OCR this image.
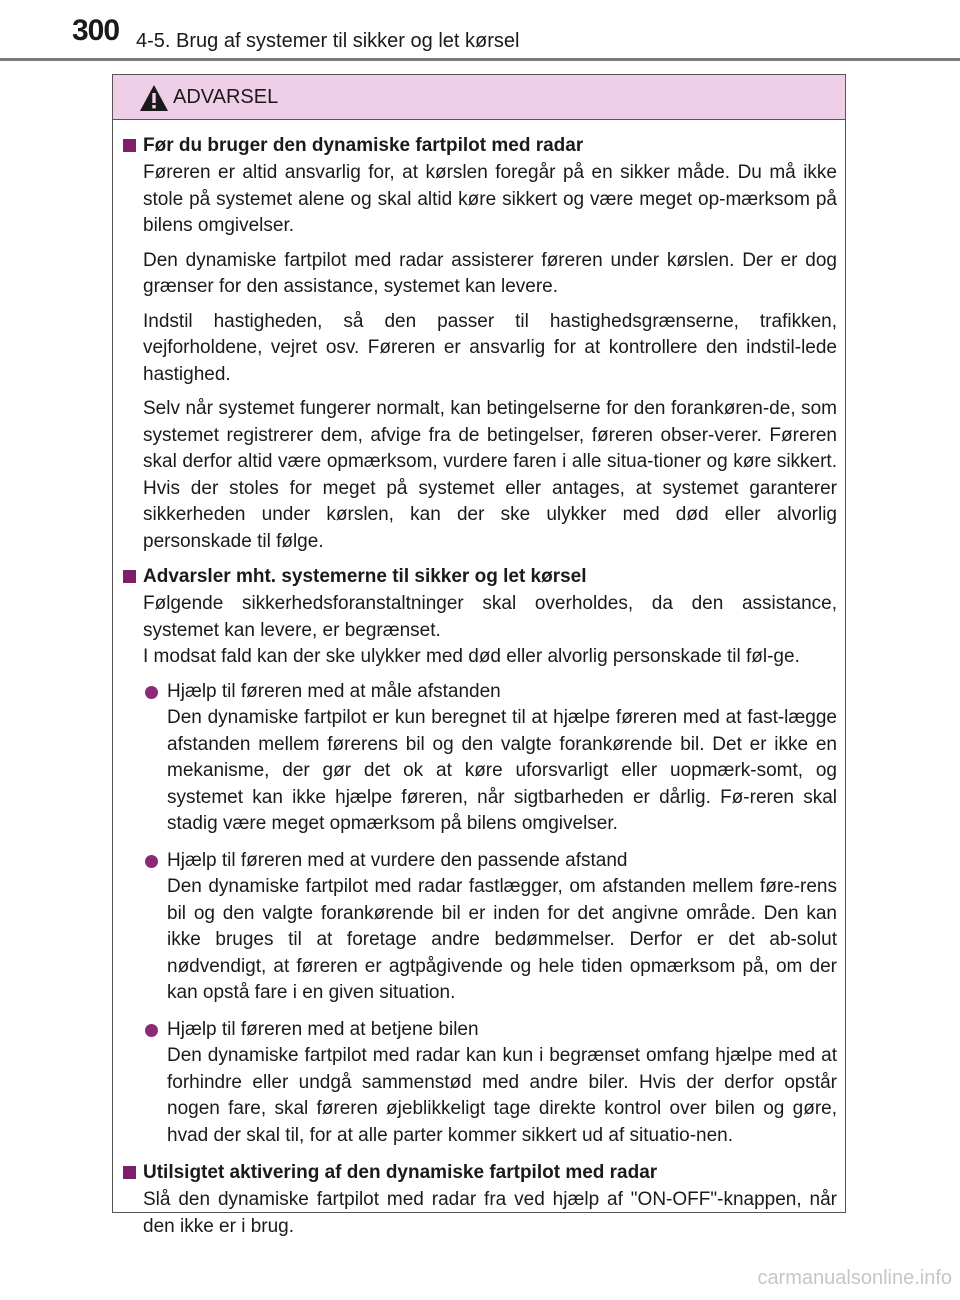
300 4-5. Brug af systemer til sikker og let kørsel
ADVARSEL
Før du bruger den dynamiske fartpilot med radar

Føreren er altid ansvarlig for, at kørslen foregår på en sikker måde. Du må ikke stole på systemet alene og skal altid køre sikkert og være meget op-mærksom på bilens omgivelser.

Den dynamiske fartpilot med radar assisterer føreren under kørslen. Der er dog grænser for den assistance, systemet kan levere.

Indstil hastigheden, så den passer til hastighedsgrænserne, trafikken, vejforholdene, vejret osv. Føreren er ansvarlig for at kontrollere den indstil-lede hastighed.

Selv når systemet fungerer normalt, kan betingelserne for den forankøren-de, som systemet registrerer dem, afvige fra de betingelser, føreren obser-verer. Føreren skal derfor altid være opmærksom, vurdere faren i alle situa-tioner og køre sikkert. Hvis der stoles for meget på systemet eller antages, at systemet garanterer sikkerheden under kørslen, kan der ske ulykker med død eller alvorlig personskade til følge.

Advarsler mht. systemerne til sikker og let kørsel

Følgende sikkerhedsforanstaltninger skal overholdes, da den assistance, systemet kan levere, er begrænset.

I modsat fald kan der ske ulykker med død eller alvorlig personskade til føl-ge.

Hjælp til føreren med at måle afstanden
Den dynamiske fartpilot er kun beregnet til at hjælpe føreren med at fast-lægge afstanden mellem førerens bil og den valgte forankørende bil. Det er ikke en mekanisme, der gør det ok at køre uforsvarligt eller uopmærk-somt, og systemet kan ikke hjælpe føreren, når sigtbarheden er dårlig. Fø-reren skal stadig være meget opmærksom på bilens omgivelser.
Hjælp til føreren med at vurdere den passende afstand
Den dynamiske fartpilot med radar fastlægger, om afstanden mellem føre-rens bil og den valgte forankørende bil er inden for det angivne område. Den kan ikke bruges til at foretage andre bedømmelser. Derfor er det ab-solut nødvendigt, at føreren er agtpågivende og hele tiden opmærksom på, om der kan opstå fare i en given situation.
Hjælp til føreren med at betjene bilen
Den dynamiske fartpilot med radar kan kun i begrænset omfang hjælpe med at forhindre eller undgå sammenstød med andre biler. Hvis der derfor opstår nogen fare, skal føreren øjeblikkeligt tage direkte kontrol over bilen og gøre, hvad der skal til, for at alle parter kommer sikkert ud af situatio-nen.
Utilsigtet aktivering af den dynamiske fartpilot med radar

Slå den dynamiske fartpilot med radar fra ved hjælp af "ON-OFF"-knappen, når den ikke er i brug.

carmanualsonline.info
